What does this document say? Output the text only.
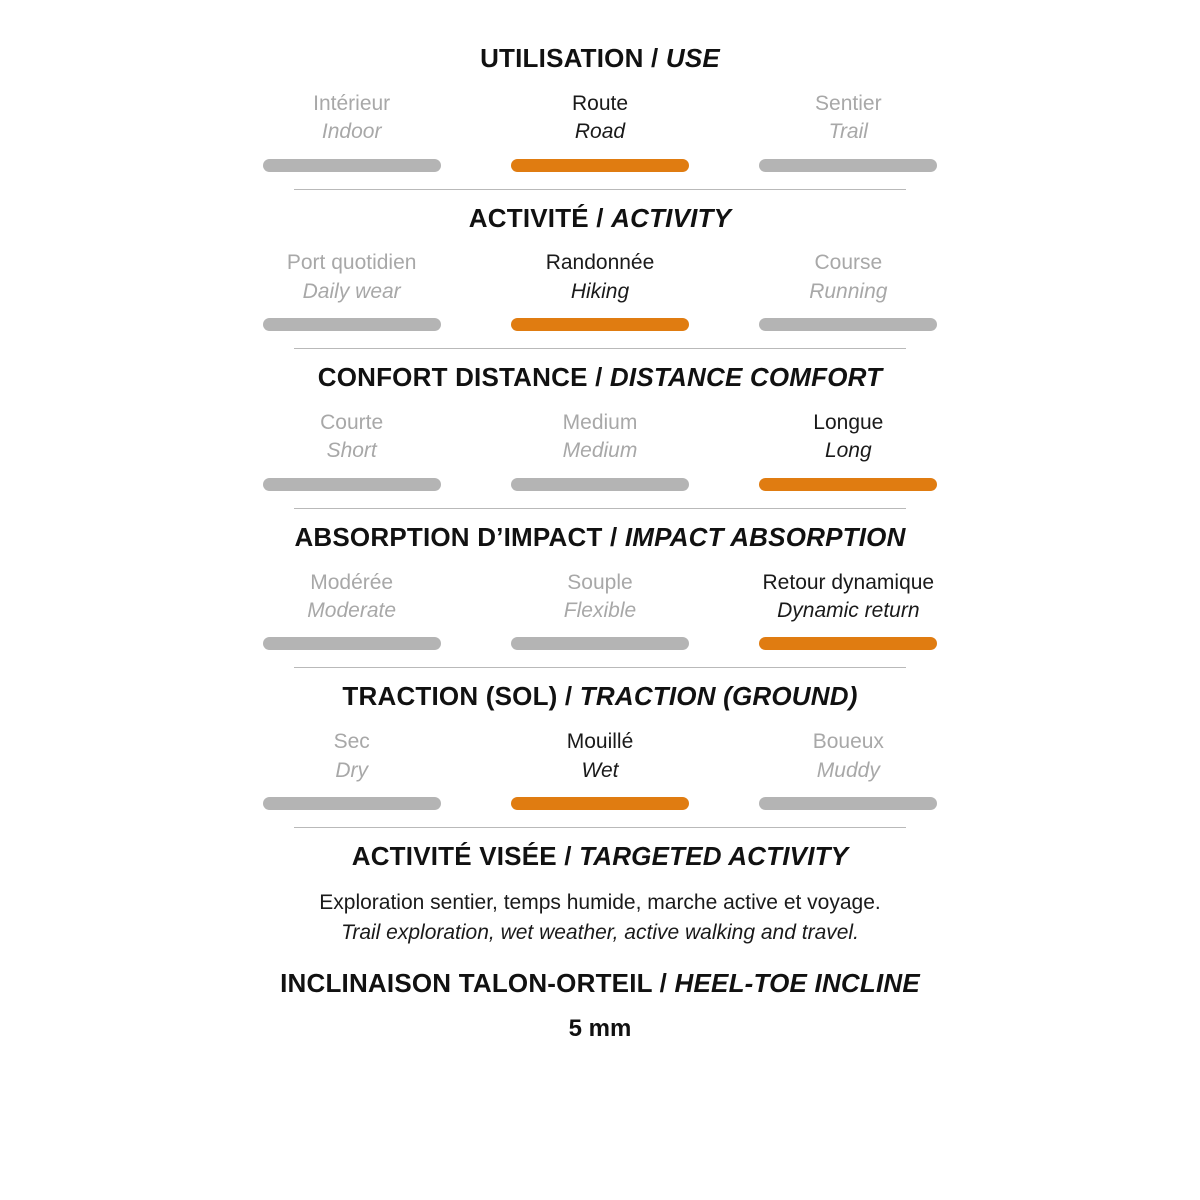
UTILISATION / USE
Intérieur
Indoor
Route
Road
Sentier
Trail
ACTIVITÉ / ACTIVITY
Port quotidien
Daily wear
Randonnée
Hiking
Course
Running
CONFORT DISTANCE / DISTANCE COMFORT
Courte
Short
Medium
Medium
Longue
Long
ABSORPTION D’IMPACT / IMPACT ABSORPTION
Modérée
Moderate
Souple
Flexible
Retour dynamique
Dynamic return
TRACTION (SOL) / TRACTION (GROUND)
Sec
Dry
Mouillé
Wet
Boueux
Muddy
ACTIVITÉ VISÉE / TARGETED ACTIVITY
Exploration sentier, temps humide, marche active et voyage.
Trail exploration, wet weather, active walking and travel.
INCLINAISON TALON-ORTEIL / HEEL-TOE INCLINE
5 mm
